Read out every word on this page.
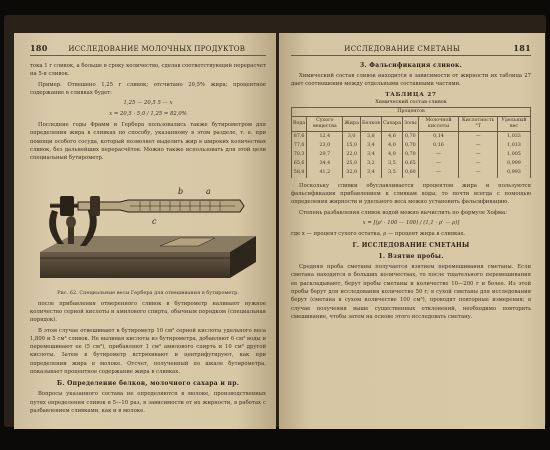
180	ИССЛЕДОВАНИЕ МОЛОЧНЫХ ПРОДУКТОВ

тока 1 г сливок, а больше в сроку количество, сделав соответствующий перерасчет на 5-я сливок.

Пример. Отвешено 1,25 г сливок; отсчитано 20,5% жира; процентное содержание в сливках будет:

1,25 — 20,5 5 — x
x = 20,5 · 5,0 / 1,25 = 82,0%

Последние годы Фрамм и Гербера пользовались также бутирометром для определения жира в сливках по способу, указанному в этом разделе, т. е. при помощи особого сосуда, который позволяет выделить жир в широких количествах сливок, без дальнейших перерасчётов. Можно также использовать для этой цели специальный бутирометр.

b	a
c
B
Рис. 62. Специальные весы Гербера для отвешивания в бутирометр.

после прибавления отмеренного сливок в бутирометр наливают нужное количество серной кислоты и амилового спирта, обычным порядком (специальная порядок).

В этом случае отвешивают в бутирометр 10 см³ серной кислоты удельного веса 1,800 и 5 см³ сливок. Не выливая кислоты из бутирометра, добавляют 6 см³ воды и перемешивают ее (5 см³), прибавляют 1 см³ амилового спирта и 10 см³ другой кислоты. Затем в бутирометр встряхивают и центрифугируют, как при определении жира в молоке. Отсчет, полученный по шкале бутирометра, показывает процентное содержание жира в сливках.

Б. Определение белков, молочного сахара и пр.

Вопросы указанного состава не определяются в молоке, производственных путях определения сливок в 5—10 раз, в зависимости от их жирности, в работах с разбавлением сливками, как и в молоке.

ИССЛЕДОВАНИЕ СМЕТАНЫ	181
3. Фальсификация сливок.

Химический состав сливок находится в зависимости от жирности их таблица 27 дает соотношения между отдельными составными частями.

ТАБЛИЦА 27
Химический состав сливок
Процентов								
Вода	Сухого вещества	Жира	Белков	Сахара	Золы	Молочной кислоты	Кислотность °Т	Удельный вес
87,6	12,4	3,0	3,8	4,6	0,70	0,14	—	1,033
77,0	23,0	15,0	3,4	4,0	0,70	0,16	—	1,013
70,3	29,7	22,0	3,4	4,0	0,70	—	—	1,005
65,6	34,4	25,0	3,2	3,5	0,65	—	—	0,999
58,8	41,2	32,0	3,4	3,5	0,60	—	—	0,993

Поскольку сливки обуславливается процентом жира и пользуются фальсификация прибавлением к сливкам воды, то почти всегда с помощью определения жирности и удельного веса можно установить фальсификацию.

Степень разбавления сливок водой можно вычислить по формуле Хофма:

x = [(ρ' · 100 — 100) / (1,1 · ρ' — ρ)]

где x — процент сухого остатка, ρ — процент жира в сливках.

Г. ИССЛЕДОВАНИЕ СМЕТАНЫ
1. Взятие пробы.

Средняя проба сметаны получается взятием перемешивания сметаны. Если сметана находится в больших количествах, то после тщательного перемешивания ее раскладывают, берут пробы сметаны и количестве 10—200 г и более. Из этой пробы берут для исследования количество 50 г; в сухой сметаны для исследования берут (сметана в сухом количестве 100 см³), проводят повторные измерения; в случае получения выше существенных отклонений, необходимо повторить смешивание, чтобы затем на основе этого исследовать сметану.
